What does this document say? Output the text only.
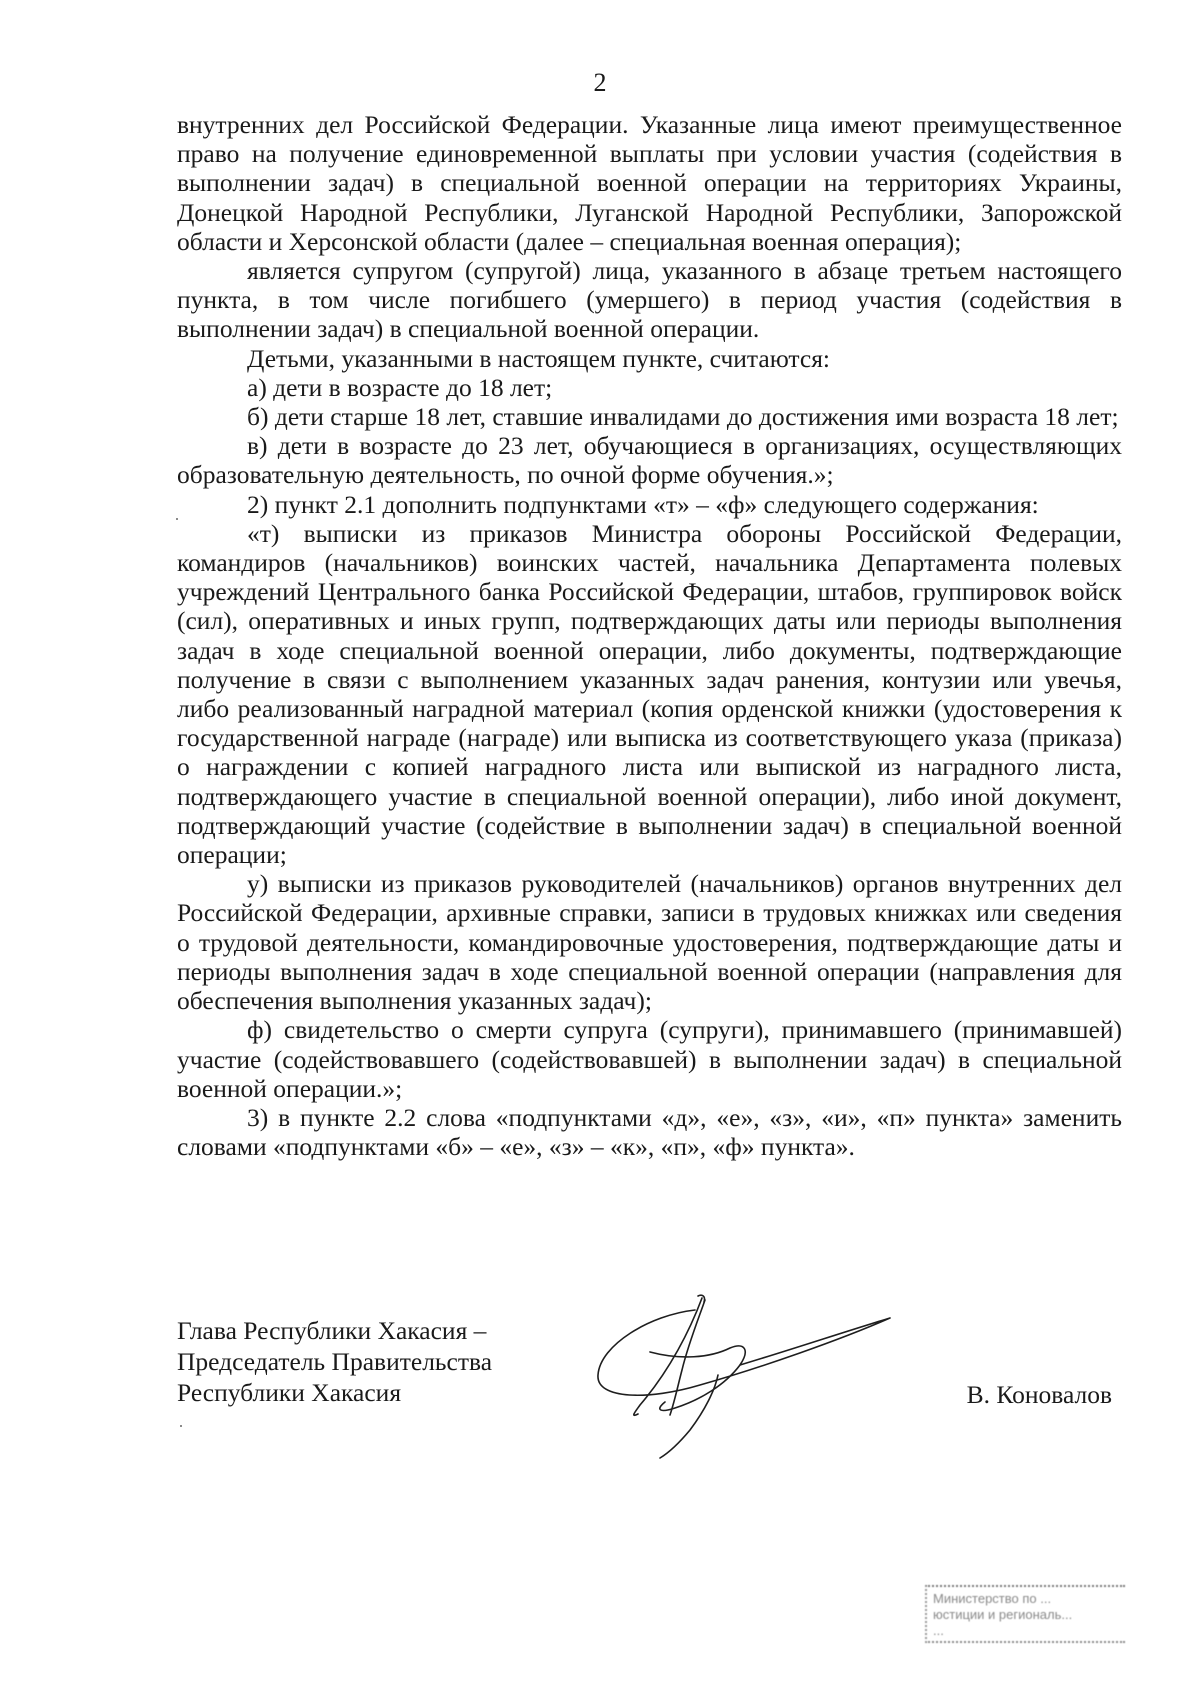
2

внутренних дел Российской Федерации. Указанные лица имеют преимущественное право на получение единовременной выплаты при условии участия (содействия в выполнении задач) в специальной военной операции на территориях Украины, Донецкой Народной Республики, Луганской Народной Республики, Запорожской области и Херсонской области (далее – специальная военная операция);

является супругом (супругой) лица, указанного в абзаце третьем настоящего пункта, в том числе погибшего (умершего) в период участия (содействия в выполнении задач) в специальной военной операции.

Детьми, указанными в настоящем пункте, считаются:

а) дети в возрасте до 18 лет;

б) дети старше 18 лет, ставшие инвалидами до достижения ими возраста 18 лет;

в) дети в возрасте до 23 лет, обучающиеся в организациях, осуществляющих образовательную деятельность, по очной форме обучения.»;

2) пункт 2.1 дополнить подпунктами «т» – «ф» следующего содержания:

«т) выписки из приказов Министра обороны Российской Федерации, командиров (начальников) воинских частей, начальника Департамента полевых учреждений Центрального банка Российской Федерации, штабов, группировок войск (сил), оперативных и иных групп, подтверждающих даты или периоды выполнения задач в ходе специальной военной операции, либо документы, подтверждающие получение в связи с выполнением указанных задач ранения, контузии или увечья, либо реализованный наградной материал (копия орденской книжки (удостоверения к государственной награде (награде) или выписка из соответствующего указа (приказа) о награждении с копией наградного листа или выпиской из наградного листа, подтверждающего участие в специальной военной операции), либо иной документ, подтверждающий участие (содействие в выполнении задач) в специальной военной операции;

у) выписки из приказов руководителей (начальников) органов внутренних дел Российской Федерации, архивные справки, записи в трудовых книжках или сведения о трудовой деятельности, командировочные удостоверения, подтверждающие даты и периоды выполнения задач в ходе специальной военной операции (направления для обеспечения выполнения указанных задач);

ф) свидетельство о смерти супруга (супруги), принимавшего (принимавшей) участие (содействовавшего (содействовавшей) в выполнении задач) в специальной военной операции.»;

3) в пункте 2.2 слова «подпунктами «д», «е», «з», «и», «п» пункта» заменить словами «подпунктами «б» – «е», «з» – «к», «п», «ф» пункта».

Глава Республики Хакасия –
Председатель Правительства
Республики Хакасия	В. Коновалов
Министерство по ...
юстиции и региональ...
...
